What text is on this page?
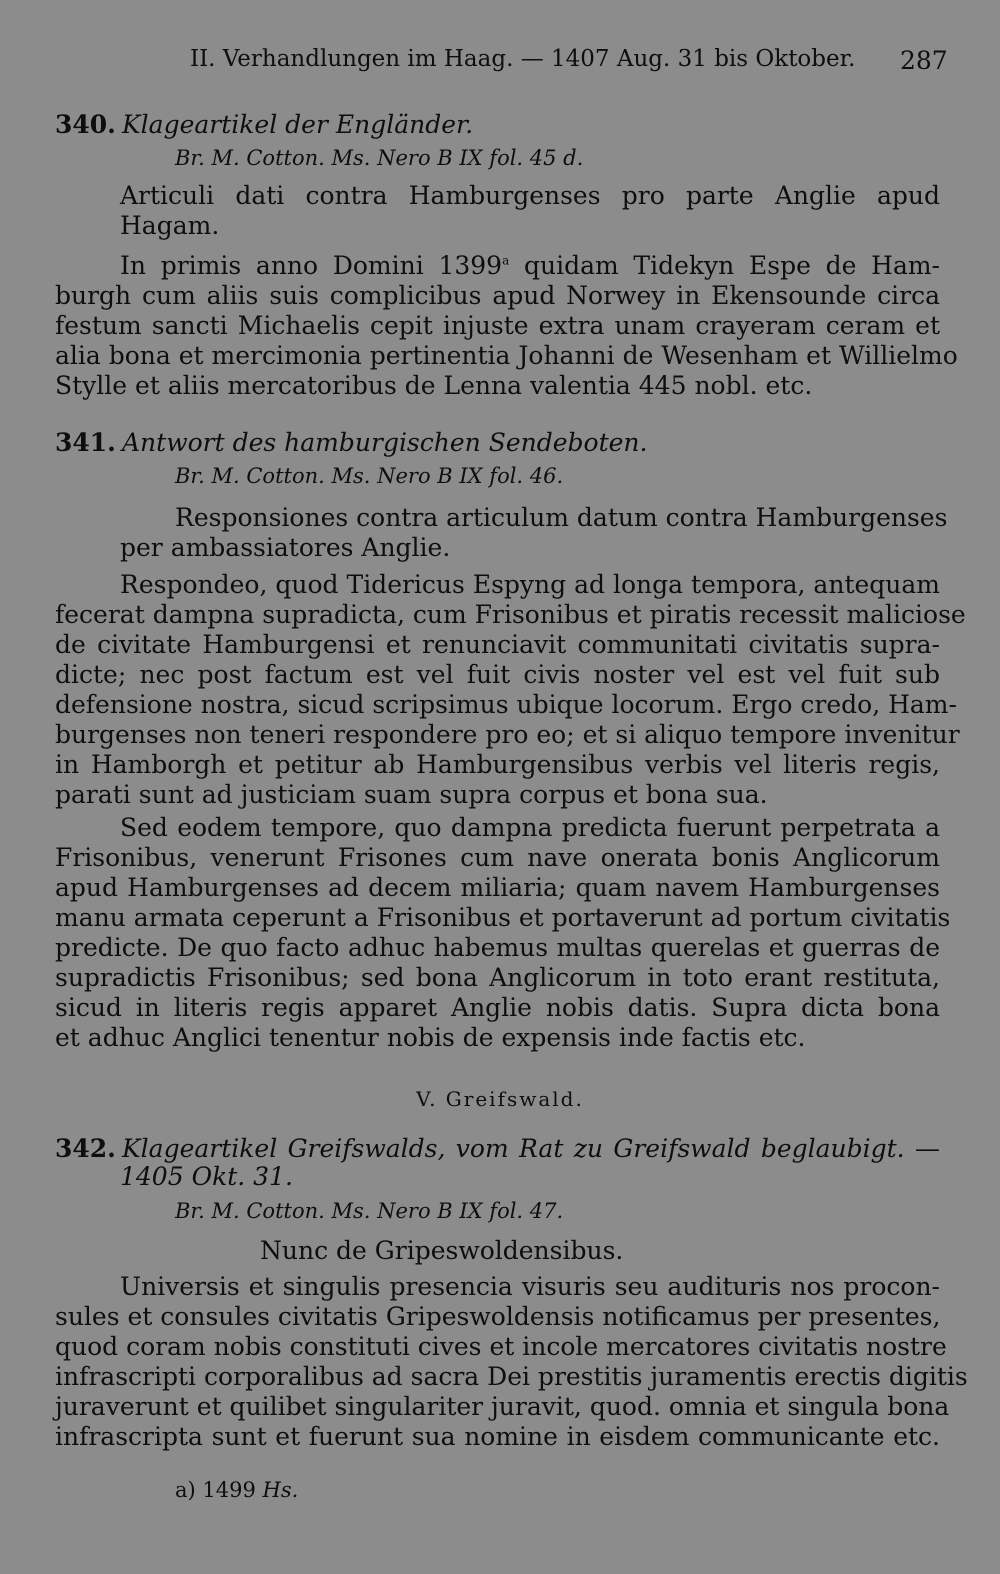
II. Verhandlungen im Haag. — 1407 Aug. 31 bis Oktober. 287
340. Klageartikel der Engländer.
Br. M. Cotton. Ms. Nero B IX fol. 45 d.
Articuli dati contra Hamburgenses pro parte Anglie apud
Hagam.
In primis anno Domini 1399$^a$ quidam Tidekyn Espe de Ham-
burgh cum aliis suis complicibus apud Norwey in Ekensounde circa
festum sancti Michaelis cepit injuste extra unam crayeram ceram et
alia bona et mercimonia pertinentia Johanni de Wesenham et Willielmo
Stylle et aliis mercatoribus de Lenna valentia 445 nobl. etc.
341. Antwort des hamburgischen Sendeboten.
Br. M. Cotton. Ms. Nero B IX fol. 46.
Responsiones contra articulum datum contra Hamburgenses
per ambassiatores Anglie.
Respondeo, quod Tidericus Espyng ad longa tempora, antequam
fecerat dampna supradicta, cum Frisonibus et piratis recessit maliciose
de civitate Hamburgensi et renunciavit communitati civitatis supra-
dicte; nec post factum est vel fuit civis noster vel est vel fuit sub
defensione nostra, sicud scripsimus ubique locorum. Ergo credo, Ham-
burgenses non teneri respondere pro eo; et si aliquo tempore invenitur
in Hamborgh et petitur ab Hamburgensibus verbis vel literis regis,
parati sunt ad justiciam suam supra corpus et bona sua.
Sed eodem tempore, quo dampna predicta fuerunt perpetrata a
Frisonibus, venerunt Frisones cum nave onerata bonis Anglicorum
apud Hamburgenses ad decem miliaria; quam navem Hamburgenses
manu armata ceperunt a Frisonibus et portaverunt ad portum civitatis
predicte. De quo facto adhuc habemus multas querelas et guerras de
supradictis Frisonibus; sed bona Anglicorum in toto erant restituta,
sicud in literis regis apparet Anglie nobis datis. Supra dicta bona
et adhuc Anglici tenentur nobis de expensis inde factis etc.
V. Greifswald.
342. Klageartikel Greifswalds, vom Rat zu Greifswald beglaubigt. —
1405 Okt. 31.
Br. M. Cotton. Ms. Nero B IX fol. 47.
Nunc de Gripeswoldensibus.
Universis et singulis presencia visuris seu audituris nos procon-
sules et consules civitatis Gripeswoldensis notificamus per presentes,
quod coram nobis constituti cives et incole mercatores civitatis nostre
infrascripti corporalibus ad sacra Dei prestitis juramentis erectis digitis
juraverunt et quilibet singulariter juravit, quod. omnia et singula bona
infrascripta sunt et fuerunt sua nomine in eisdem communicante etc.
a) 1499 Hs.
